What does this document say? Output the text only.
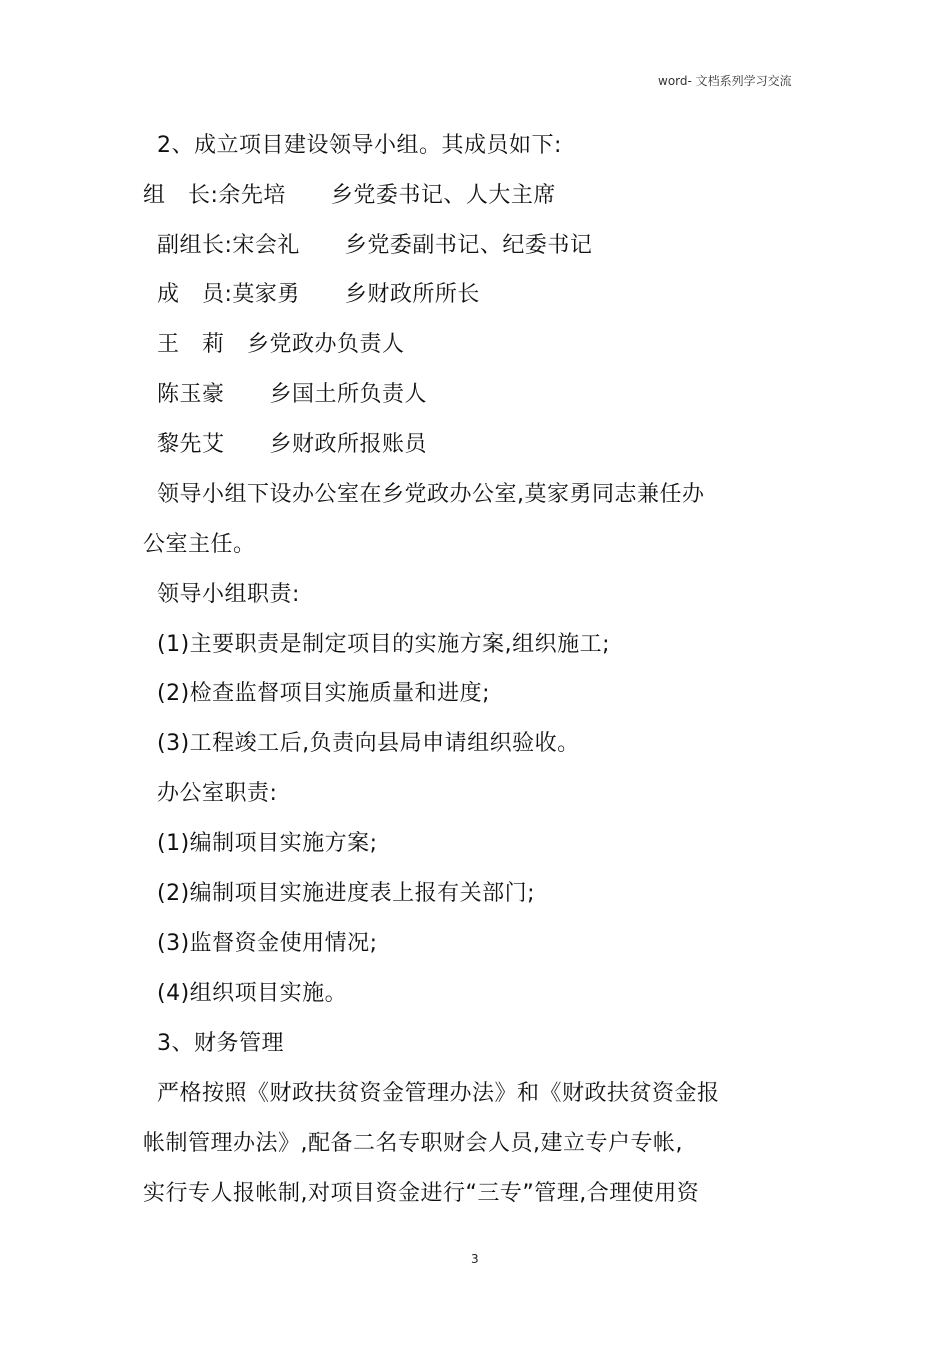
word- 文档系列学习交流
2、成立项目建设领导小组。其成员如下:
组　长:余先培　　乡党委书记、人大主席
副组长:宋会礼　　乡党委副书记、纪委书记
成　员:莫家勇　　乡财政所所长
王　莉　乡党政办负责人
陈玉豪　　乡国土所负责人
黎先艾　　乡财政所报账员
领导小组下设办公室在乡党政办公室,莫家勇同志兼任办
公室主任。
领导小组职责:
(1)主要职责是制定项目的实施方案,组织施工;
(2)检查监督项目实施质量和进度;
(3)工程竣工后,负责向县局申请组织验收。
办公室职责:
(1)编制项目实施方案;
(2)编制项目实施进度表上报有关部门;
(3)监督资金使用情况;
(4)组织项目实施。
3、财务管理
严格按照《财政扶贫资金管理办法》和《财政扶贫资金报
帐制管理办法》,配备二名专职财会人员,建立专户专帐,
实行专人报帐制,对项目资金进行“三专”管理,合理使用资
3
